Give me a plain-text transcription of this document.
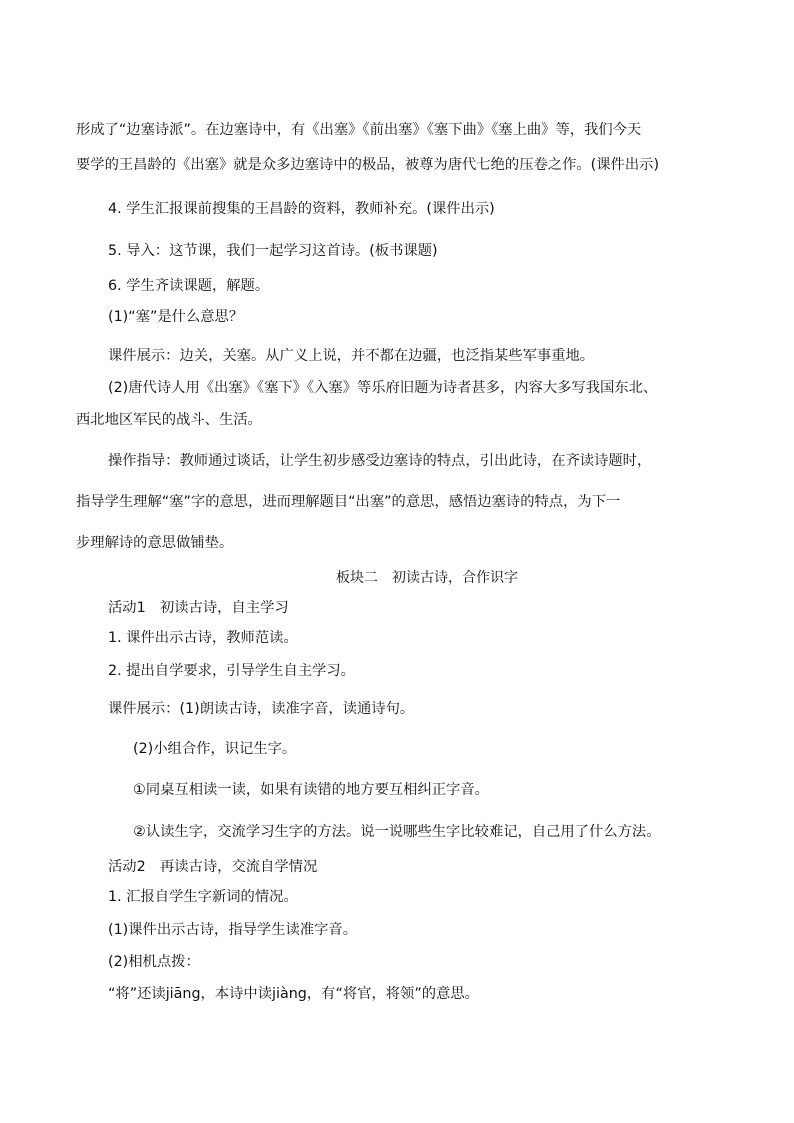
形成了“边塞诗派”。在边塞诗中，有《出塞》《前出塞》《塞下曲》《塞上曲》等，我们今天

要学的王昌龄的《出塞》就是众多边塞诗中的极品，被尊为唐代七绝的压卷之作。(课件出示)

4. 学生汇报课前搜集的王昌龄的资料，教师补充。(课件出示)

5. 导入：这节课，我们一起学习这首诗。(板书课题)

6. 学生齐读课题，解题。

(1)“塞”是什么意思？

课件展示：边关，关塞。从广义上说，并不都在边疆，也泛指某些军事重地。

(2)唐代诗人用《出塞》《塞下》《入塞》等乐府旧题为诗者甚多，内容大多写我国东北、

西北地区军民的战斗、生活。

操作指导：教师通过谈话，让学生初步感受边塞诗的特点，引出此诗，在齐读诗题时，

指导学生理解“塞”字的意思，进而理解题目“出塞”的意思，感悟边塞诗的特点，为下一

步理解诗的意思做铺垫。

板块二　初读古诗，合作识字

活动1　初读古诗，自主学习

1. 课件出示古诗，教师范读。

2. 提出自学要求，引导学生自主学习。

课件展示：(1)朗读古诗，读准字音，读通诗句。

(2)小组合作，识记生字。

①同桌互相读一读，如果有读错的地方要互相纠正字音。

②认读生字，交流学习生字的方法。说一说哪些生字比较难记，自己用了什么方法。

活动2　再读古诗，交流自学情况

1. 汇报自学生字新词的情况。

(1)课件出示古诗，指导学生读准字音。

(2)相机点拨：

“将”还读jiāng，本诗中读jiàng，有“将官，将领”的意思。
